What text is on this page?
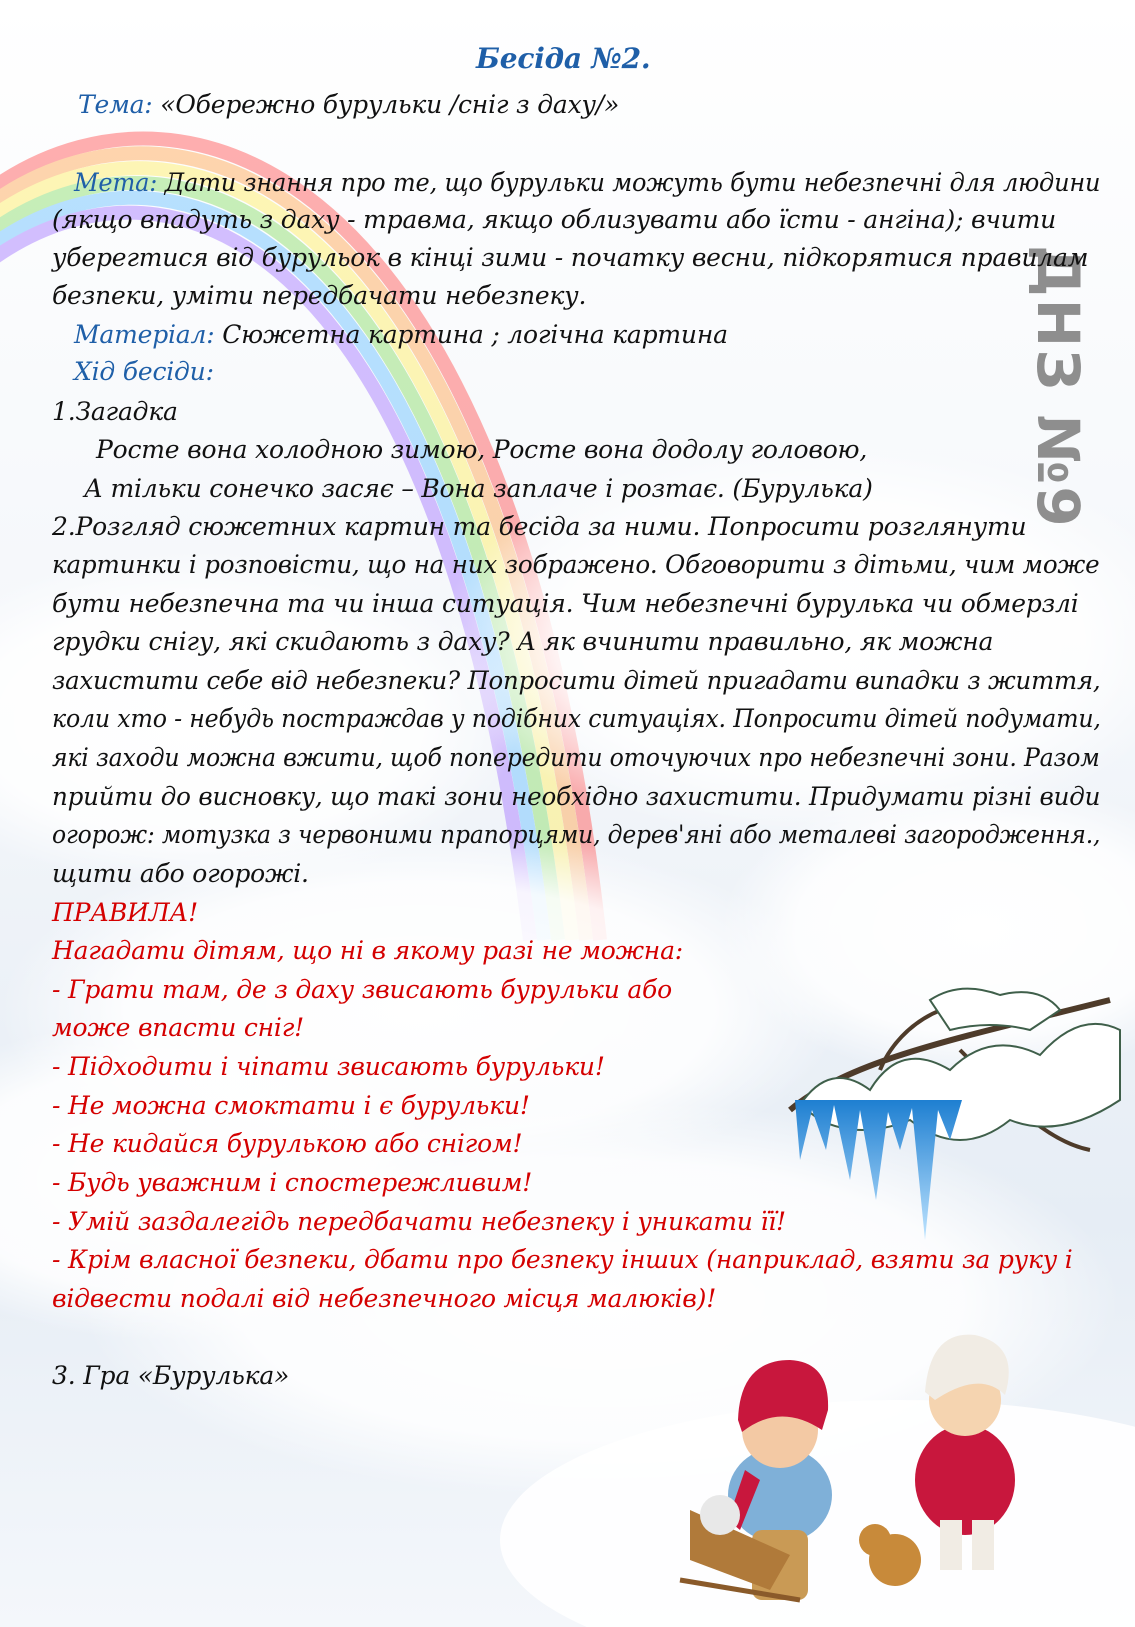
ДНЗ №9
Бесіда №2.
Тема: «Обережно бурульки /сніг з даху/»
Мета: Дати знання про те, що бурульки можуть бути небезпечні для людини
(якщо впадуть з даху - травма, якщо облизувати або їсти - ангіна); вчити
уберегтися від бурульок в кінці зими - початку весни, підкорятися правилам
безпеки, уміти передбачати небезпеку.
Матеріал: Сюжетна картина ; логічна картина
Хід бесіди:
1.Загадка
Росте вона холодною зимою, Росте вона додолу головою,
А тільки сонечко засяє – Вона заплаче і розтає. (Бурулька)
2.Розгляд сюжетних картин та бесіда за ними. Попросити розглянути
картинки і розповісти, що на них зображено. Обговорити з дітьми, чим може
бути небезпечна та чи інша ситуація. Чим небезпечні бурулька чи обмерзлі
грудки снігу, які скидають з даху? А як вчинити правильно, як можна
захистити себе від небезпеки? Попросити дітей пригадати випадки з життя,
коли хто - небудь постраждав у подібних ситуаціях. Попросити дітей подумати,
які заходи можна вжити, щоб попередити оточуючих про небезпечні зони. Разом
прийти до висновку, що такі зони необхідно захистити. Придумати різні види
огорож: мотузка з червоними прапорцями, дерев'яні або металеві загородження.,
щити або огорожі.
ПРАВИЛА!
Нагадати дітям, що ні в якому разі не можна:
- Грати там, де з даху звисають бурульки або
може впасти сніг!
- Підходити і чіпати звисають бурульки!
- Не можна смоктати і є бурульки!
- Не кидайся бурулькою або снігом!
- Будь уважним і спостережливим!
- Умій заздалегідь передбачати небезпеку і уникати її!
- Крім власної безпеки, дбати про безпеку інших (наприклад, взяти за руку і
відвести подалі від небезпечного місця малюків)!
3. Гра «Бурулька»
